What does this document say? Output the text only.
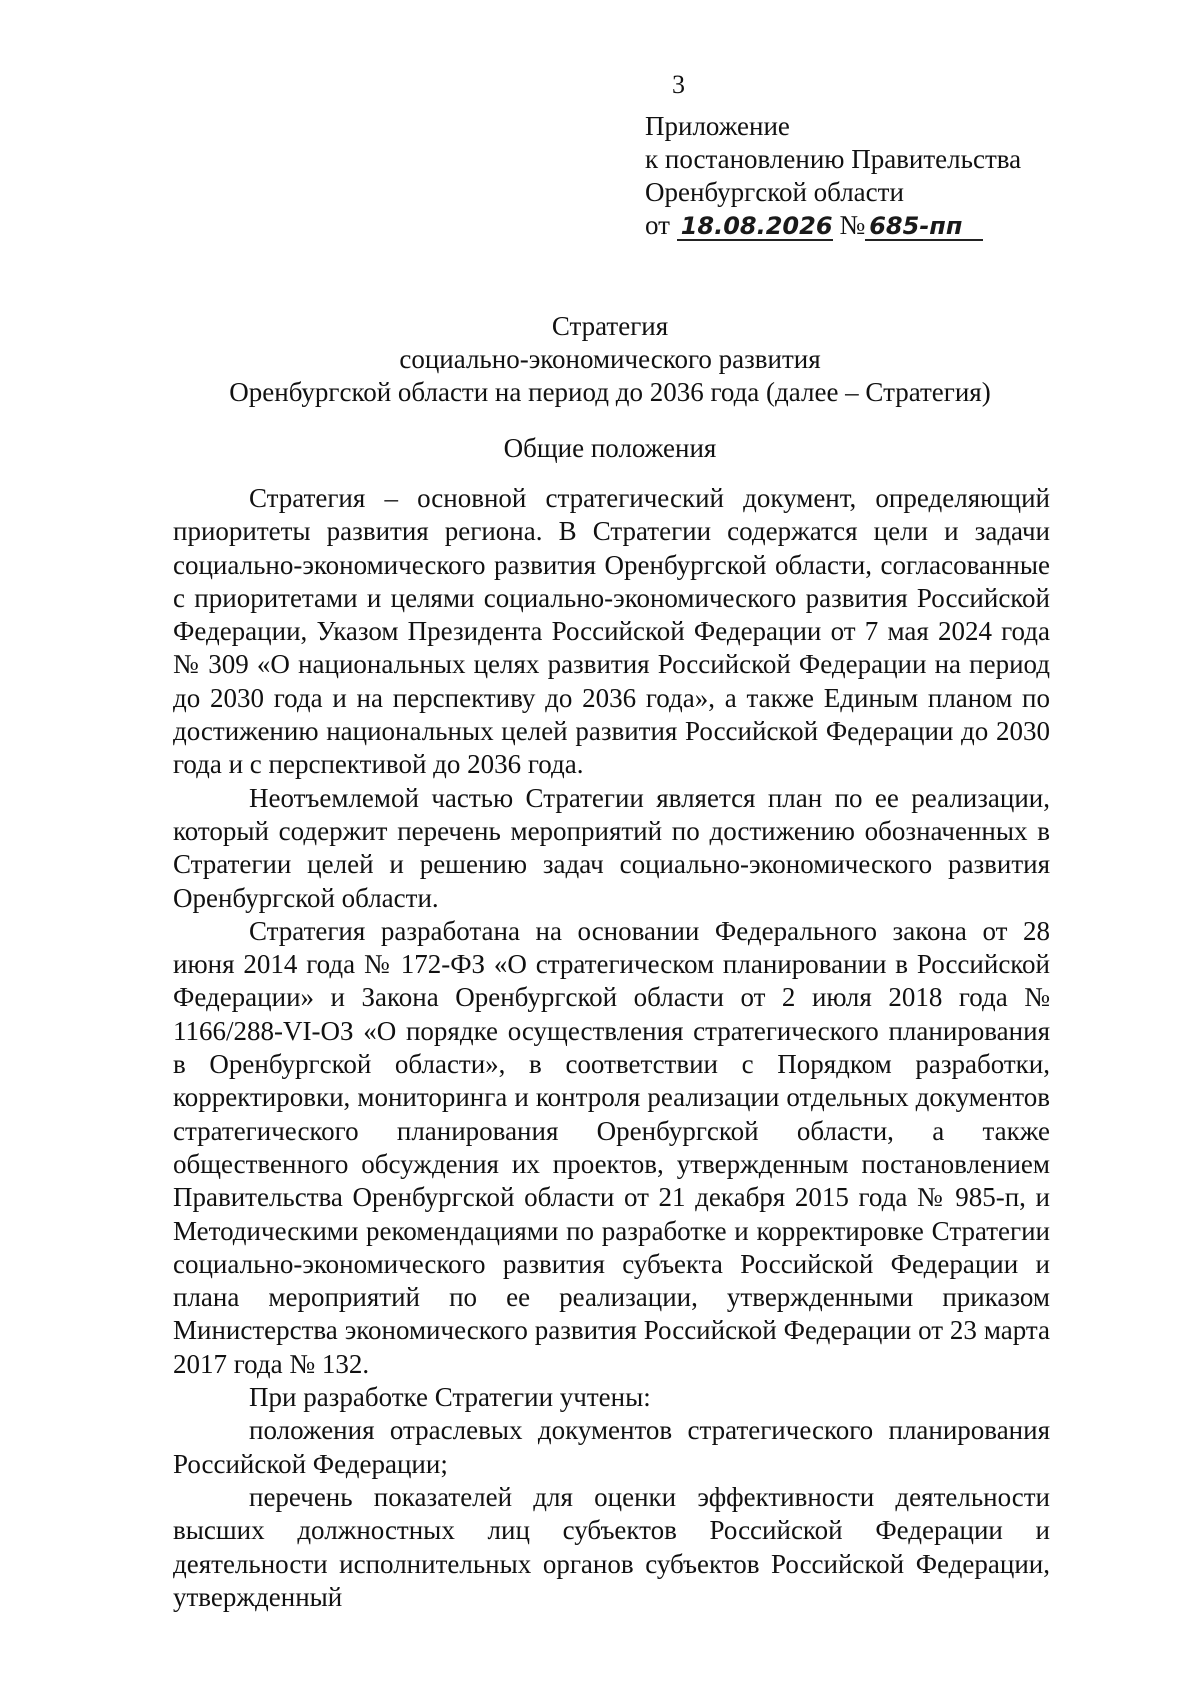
3
Приложение
к постановлению Правительства
Оренбургской области
от 18.08.2026 № 685-пп
Стратегия
социально-экономического развития
Оренбургской области на период до 2036 года (далее – Стратегия)
Общие положения

Стратегия – основной стратегический документ, определяющий приоритеты развития региона. В Стратегии содержатся цели и задачи социально-экономического развития Оренбургской области, согласованные с приоритетами и целями социально-экономического развития Российской Федерации, Указом Президента Российской Федерации от 7 мая 2024 года № 309 «О национальных целях развития Российской Федерации на период до 2030 года и на перспективу до 2036 года», а также Единым планом по достижению национальных целей развития Российской Федерации до 2030 года и с перспективой до 2036 года.

Неотъемлемой частью Стратегии является план по ее реализации, который содержит перечень мероприятий по достижению обозначенных в Стратегии целей и решению задач социально-экономического развития Оренбургской области.

Стратегия разработана на основании Федерального закона от 28 июня 2014 года № 172-ФЗ «О стратегическом планировании в Российской Федерации» и Закона Оренбургской области от 2 июля 2018 года № 1166/288-VI-ОЗ «О порядке осуществления стратегического планирования в Оренбургской области», в соответствии с Порядком разработки, корректировки, мониторинга и контроля реализации отдельных документов стратегического планирования Оренбургской области, а также общественного обсуждения их проектов, утвержденным постановлением Правительства Оренбургской области от 21 декабря 2015 года № 985-п, и Методическими рекомендациями по разработке и корректировке Стратегии социально-экономического развития субъекта Российской Федерации и плана мероприятий по ее реализации, утвержденными приказом Министерства экономического развития Российской Федерации от 23 марта 2017 года № 132.

При разработке Стратегии учтены:

положения отраслевых документов стратегического планирования Российской Федерации;

перечень показателей для оценки эффективности деятельности высших должностных лиц субъектов Российской Федерации и деятельности исполнительных органов субъектов Российской Федерации, утвержденный
